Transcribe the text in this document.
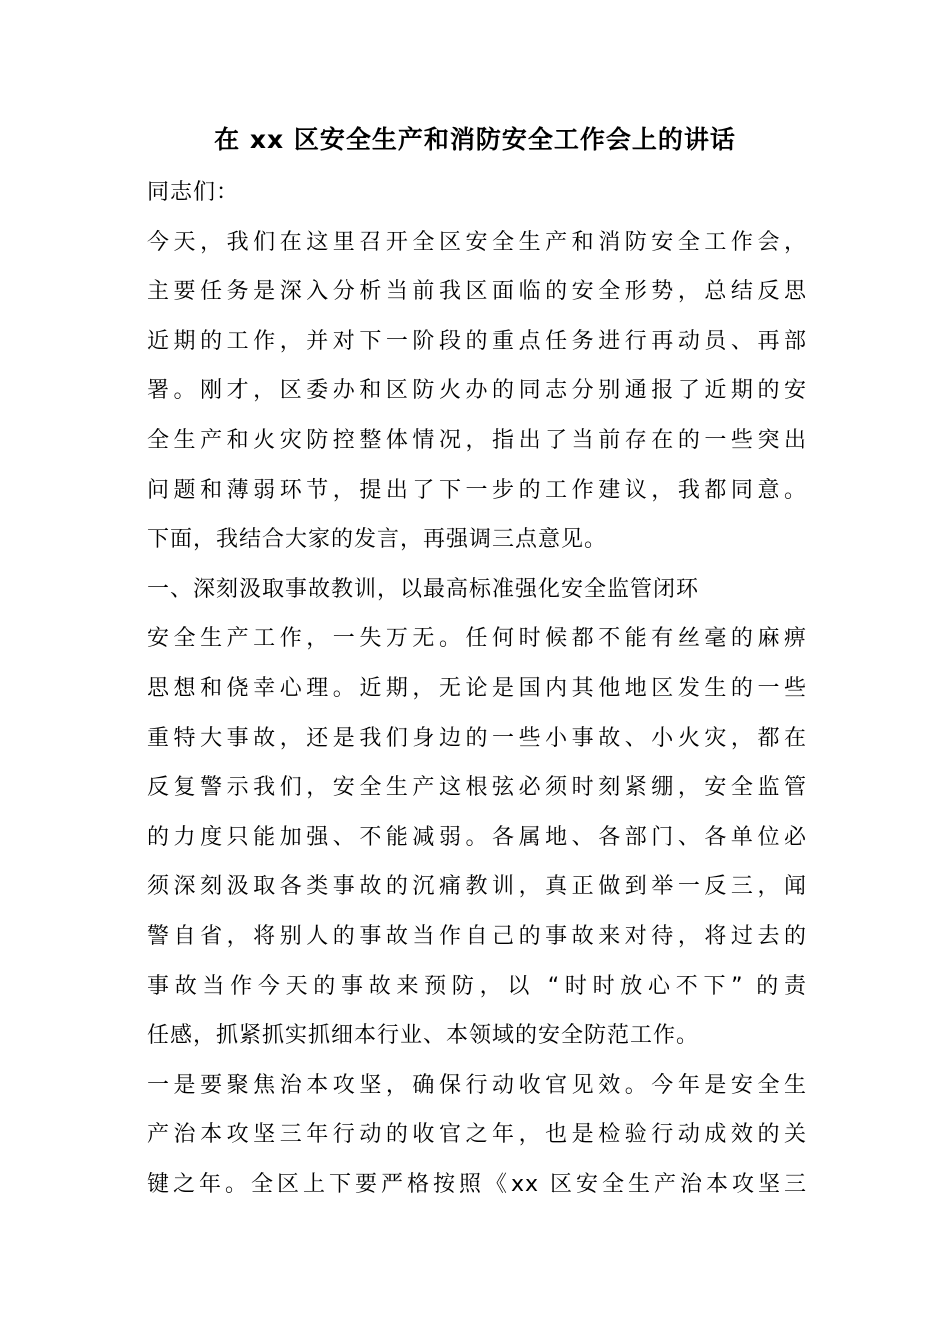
在 xx 区安全生产和消防安全工作会上的讲话
同志们：
今天，我们在这里召开全区安全生产和消防安全工作会，
主要任务是深入分析当前我区面临的安全形势，总结反思
近期的工作，并对下一阶段的重点任务进行再动员、再部
署。刚才，区委办和区防火办的同志分别通报了近期的安
全生产和火灾防控整体情况，指出了当前存在的一些突出
问题和薄弱环节，提出了下一步的工作建议，我都同意。
下面，我结合大家的发言，再强调三点意见。
一、深刻汲取事故教训，以最高标准强化安全监管闭环
安全生产工作，一失万无。任何时候都不能有丝毫的麻痹
思想和侥幸心理。近期，无论是国内其他地区发生的一些
重特大事故，还是我们身边的一些小事故、小火灾，都在
反复警示我们，安全生产这根弦必须时刻紧绷，安全监管
的力度只能加强、不能减弱。各属地、各部门、各单位必
须深刻汲取各类事故的沉痛教训，真正做到举一反三，闻
警自省，将别人的事故当作自己的事故来对待，将过去的
事故当作今天的事故来预防，以 “时时放心不下” 的责
任感，抓紧抓实抓细本行业、本领域的安全防范工作。
一是要聚焦治本攻坚，确保行动收官见效。今年是安全生
产治本攻坚三年行动的收官之年，也是检验行动成效的关
键之年。全区上下要严格按照《xx 区安全生产治本攻坚三
